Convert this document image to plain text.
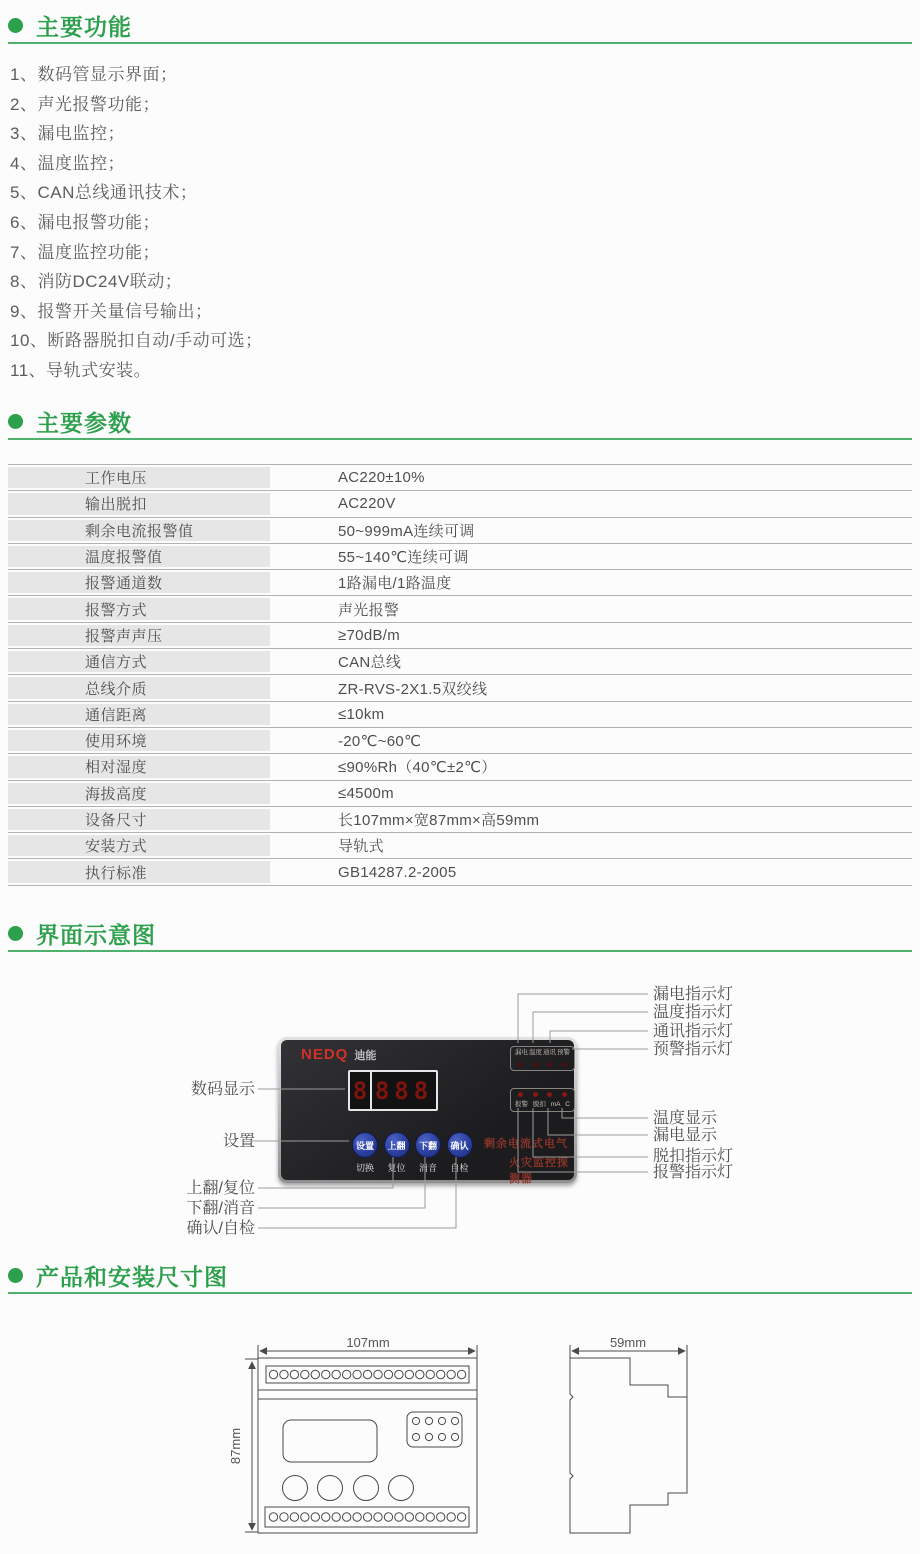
主要功能
1、数码管显示界面；
2、声光报警功能；
3、漏电监控；
4、温度监控；
5、CAN总线通讯技术；
6、漏电报警功能；
7、温度监控功能；
8、消防DC24V联动；
9、报警开关量信号输出；
10、断路器脱扣自动/手动可选；
11、导轨式安装。
主要参数
工作电压	AC220±10%
输出脱扣	AC220V
剩余电流报警值	50~999mA连续可调
温度报警值	55~140℃连续可调
报警通道数	1路漏电/1路温度
报警方式	声光报警
报警声声压	≥70dB/m
通信方式	CAN总线
总线介质	ZR-RVS-2X1.5双绞线
通信距离	≤10km
使用环境	-20℃~60℃
相对湿度	≤90%Rh（40℃±2℃）
海拔高度	≤4500m
设备尺寸	长107mm×宽87mm×高59mm
安装方式	导轨式
执行标准	GB14287.2-2005
界面示意图
NEDQ 迪能
8 888
漏电 温度 通讯 预警
报警 脱扣 mA C
设置	上翻	下翻	确认
切换	复位	消音	自检
剩余电流式电气
火灾监控探测器
数码显示
设置
上翻/复位
下翻/消音
确认/自检
漏电指示灯
温度指示灯
通讯指示灯
预警指示灯
温度显示
漏电显示
脱扣指示灯
报警指示灯
产品和安装尺寸图
107mm
87mm
59mm
